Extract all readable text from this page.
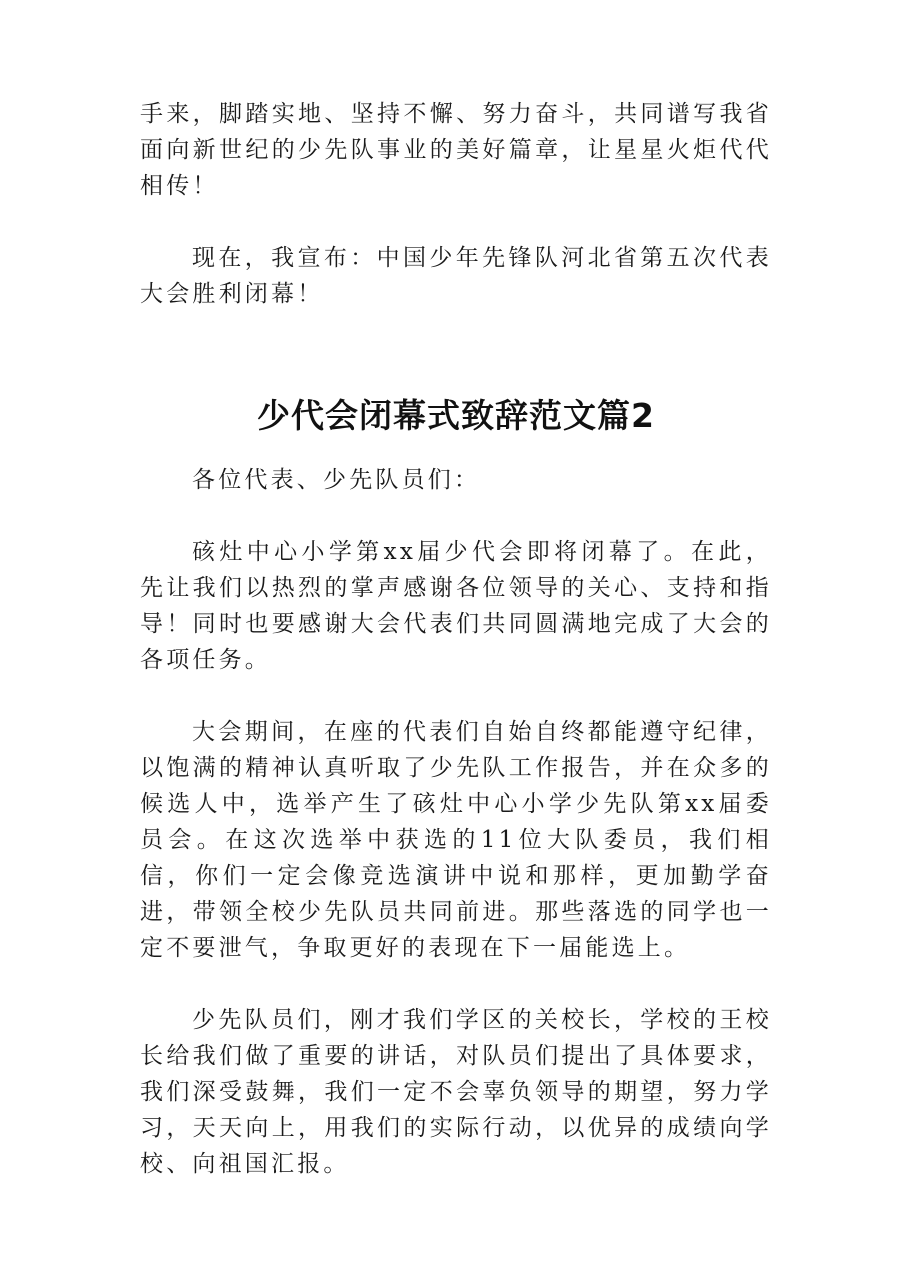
手来，脚踏实地、坚持不懈、努力奋斗，共同谱写我省面向新世纪的少先队事业的美好篇章，让星星火炬代代相传！

现在，我宣布：中国少年先锋队河北省第五次代表大会胜利闭幕！

少代会闭幕式致辞范文篇2

各位代表、少先队员们：

硋灶中心小学第xx届少代会即将闭幕了。在此，先让我们以热烈的掌声感谢各位领导的关心、支持和指导！同时也要感谢大会代表们共同圆满地完成了大会的各项任务。

大会期间，在座的代表们自始自终都能遵守纪律，以饱满的精神认真听取了少先队工作报告，并在众多的候选人中，选举产生了硋灶中心小学少先队第xx届委员会。在这次选举中获选的11位大队委员，我们相信，你们一定会像竞选演讲中说和那样，更加勤学奋进，带领全校少先队员共同前进。那些落选的同学也一定不要泄气，争取更好的表现在下一届能选上。

少先队员们，刚才我们学区的关校长，学校的王校长给我们做了重要的讲话，对队员们提出了具体要求，我们深受鼓舞，我们一定不会辜负领导的期望，努力学习，天天向上，用我们的实际行动，以优异的成绩向学校、向祖国汇报。
